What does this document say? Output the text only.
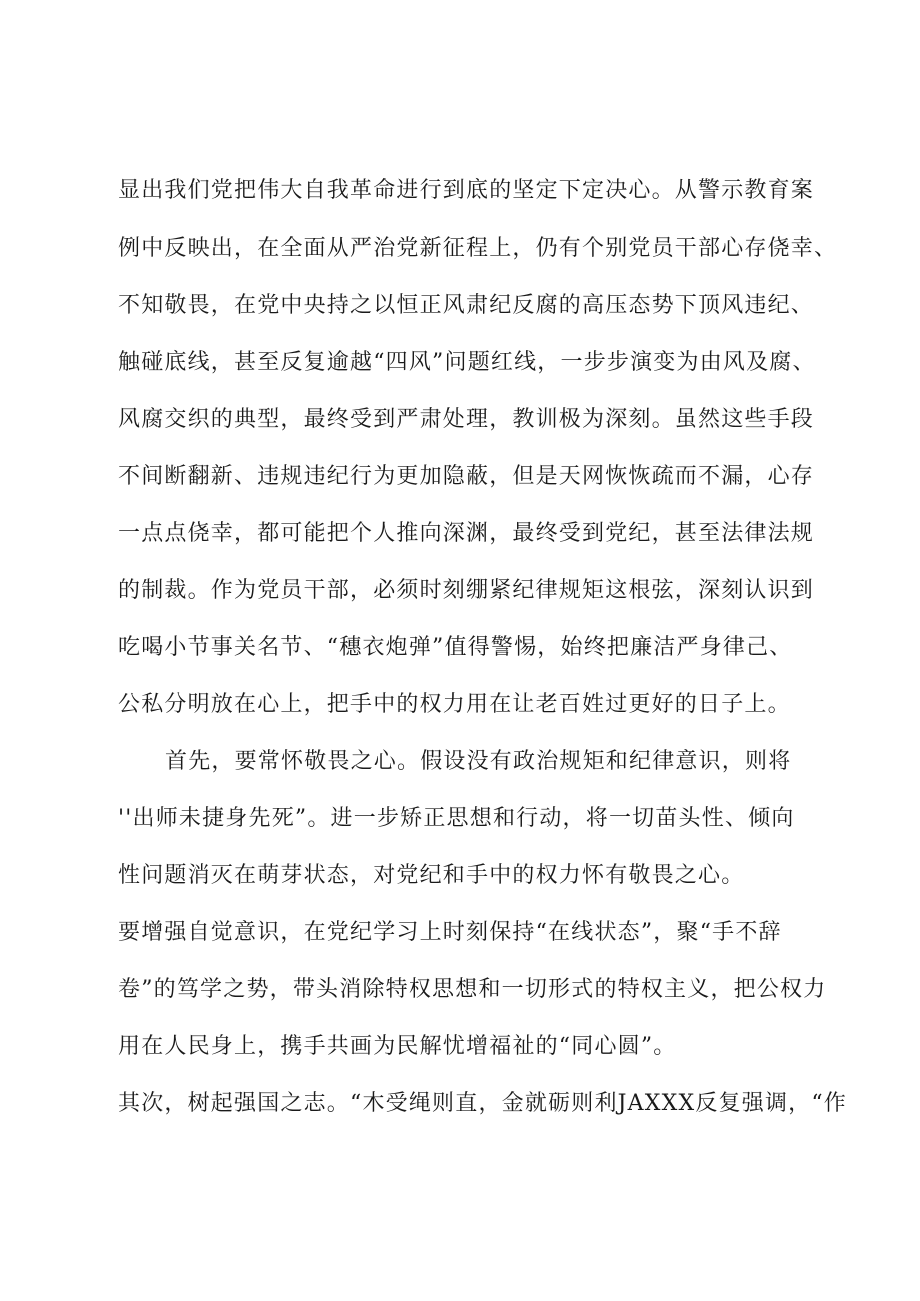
显出我们党把伟大自我革命进行到底的坚定下定决心。从警示教育案
例中反映出，在全面从严治党新征程上，仍有个别党员干部心存侥幸、
不知敬畏，在党中央持之以恒正风肃纪反腐的高压态势下顶风违纪、
触碰底线，甚至反复逾越“四风”问题红线，一步步演变为由风及腐、
风腐交织的典型，最终受到严肃处理，教训极为深刻。虽然这些手段
不间断翻新、违规违纪行为更加隐蔽，但是天网恢恢疏而不漏，心存
一点点侥幸，都可能把个人推向深渊，最终受到党纪，甚至法律法规
的制裁。作为党员干部，必须时刻绷紧纪律规矩这根弦，深刻认识到
吃喝小节事关名节、“穗衣炮弹”值得警惕，始终把廉洁严身律己、
公私分明放在心上，把手中的权力用在让老百姓过更好的日子上。
首先，要常怀敬畏之心。假设没有政治规矩和纪律意识，则将
''出师未捷身先死”。进一步矫正思想和行动，将一切苗头性、倾向
性问题消灭在萌芽状态，对党纪和手中的权力怀有敬畏之心。
要增强自觉意识，在党纪学习上时刻保持“在线状态”，聚“手不辞
卷”的笃学之势，带头消除特权思想和一切形式的特权主义，把公权力
用在人民身上，携手共画为民解忧增福祉的“同心圆”。
其次，树起强国之志。“木受绳则直，金就砺则利JAXXX反复强调，“作
